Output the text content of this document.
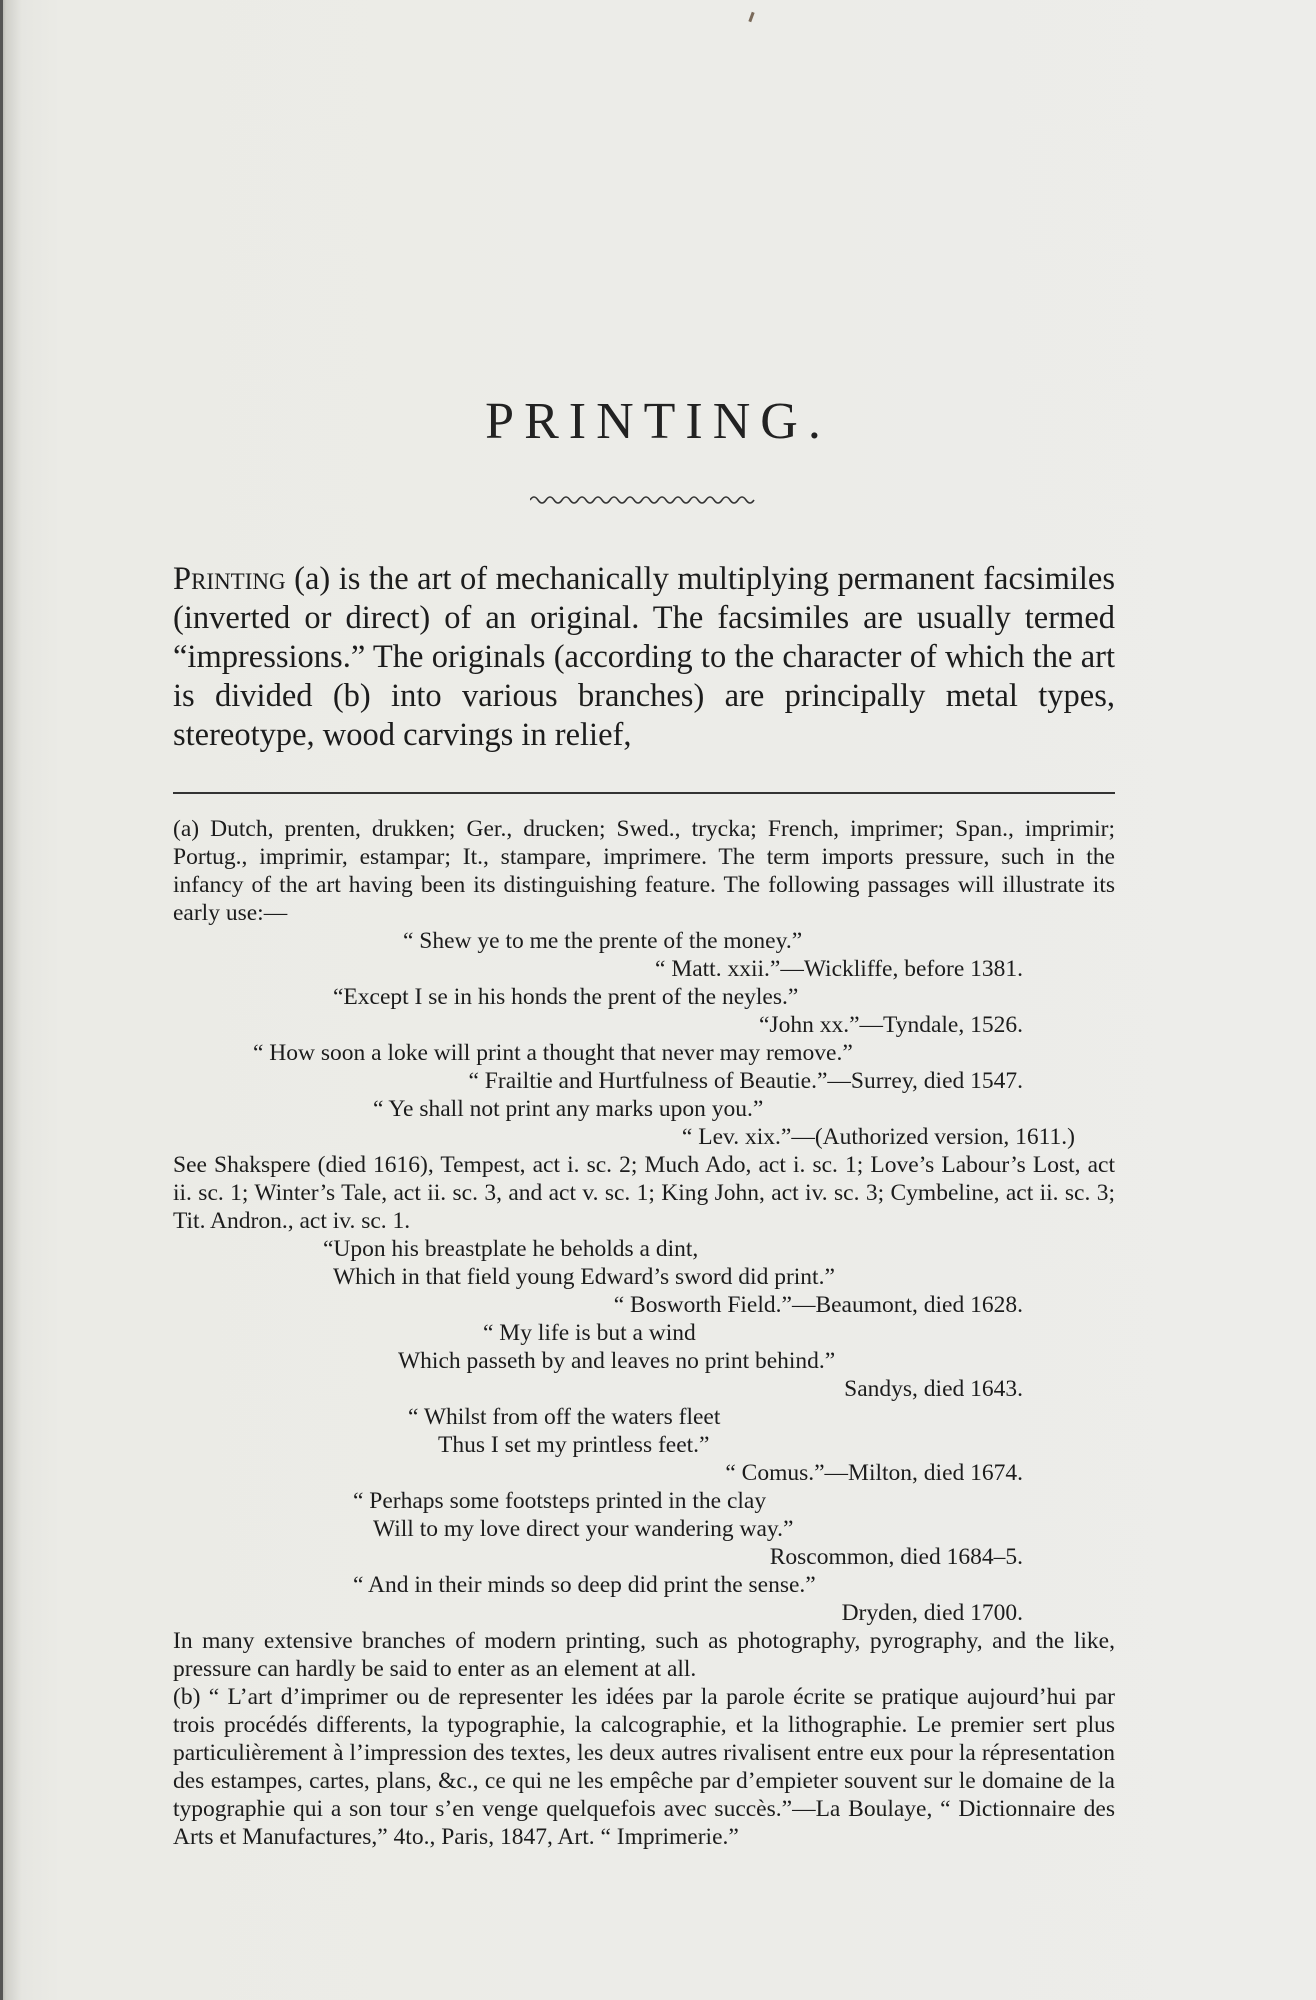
PRINTING.

Printing (a) is the art of mechanically multiplying permanent facsimiles (inverted or direct) of an original. The facsimiles are usually termed “impressions.” The originals (according to the character of which the art is divided (b) into various branches) are principally metal types, stereotype, wood carvings in relief,

(a) Dutch, prenten, drukken; Ger., drucken; Swed., trycka; French, imprimer; Span., imprimir; Portug., imprimir, estampar; It., stampare, imprimere. The term imports pressure, such in the infancy of the art having been its distinguishing feature. The following passages will illustrate its early use:—

“ Shew ye to me the prente of the money.”

“ Matt. xxii.”—Wickliffe, before 1381.

“Except I se in his honds the prent of the neyles.”

“John xx.”—Tyndale, 1526.

“ How soon a loke will print a thought that never may remove.”

“ Frailtie and Hurtfulness of Beautie.”—Surrey, died 1547.

“ Ye shall not print any marks upon you.”

“ Lev. xix.”—(Authorized version, 1611.)

See Shakspere (died 1616), Tempest, act i. sc. 2; Much Ado, act i. sc. 1; Love’s Labour’s Lost, act ii. sc. 1; Winter’s Tale, act ii. sc. 3, and act v. sc. 1; King John, act iv. sc. 3; Cymbeline, act ii. sc. 3; Tit. Andron., act iv. sc. 1.

“Upon his breastplate he beholds a dint,

Which in that field young Edward’s sword did print.”

“ Bosworth Field.”—Beaumont, died 1628.

“ My life is but a wind

Which passeth by and leaves no print behind.”

Sandys, died 1643.

“ Whilst from off the waters fleet

Thus I set my printless feet.”

“ Comus.”—Milton, died 1674.

“ Perhaps some footsteps printed in the clay

Will to my love direct your wandering way.”

Roscommon, died 1684–5.

“ And in their minds so deep did print the sense.”

Dryden, died 1700.

In many extensive branches of modern printing, such as photography, pyrography, and the like, pressure can hardly be said to enter as an element at all.

(b) “ L’art d’imprimer ou de representer les idées par la parole écrite se pratique aujourd’hui par trois procédés differents, la typographie, la calcographie, et la lithographie. Le premier sert plus particulièrement à l’impression des textes, les deux autres rivalisent entre eux pour la répresentation des estampes, cartes, plans, &c., ce qui ne les empêche par d’empieter souvent sur le domaine de la typographie qui a son tour s’en venge quelquefois avec succès.”—La Boulaye, “ Dictionnaire des Arts et Manufactures,” 4to., Paris, 1847, Art. “ Imprimerie.”
